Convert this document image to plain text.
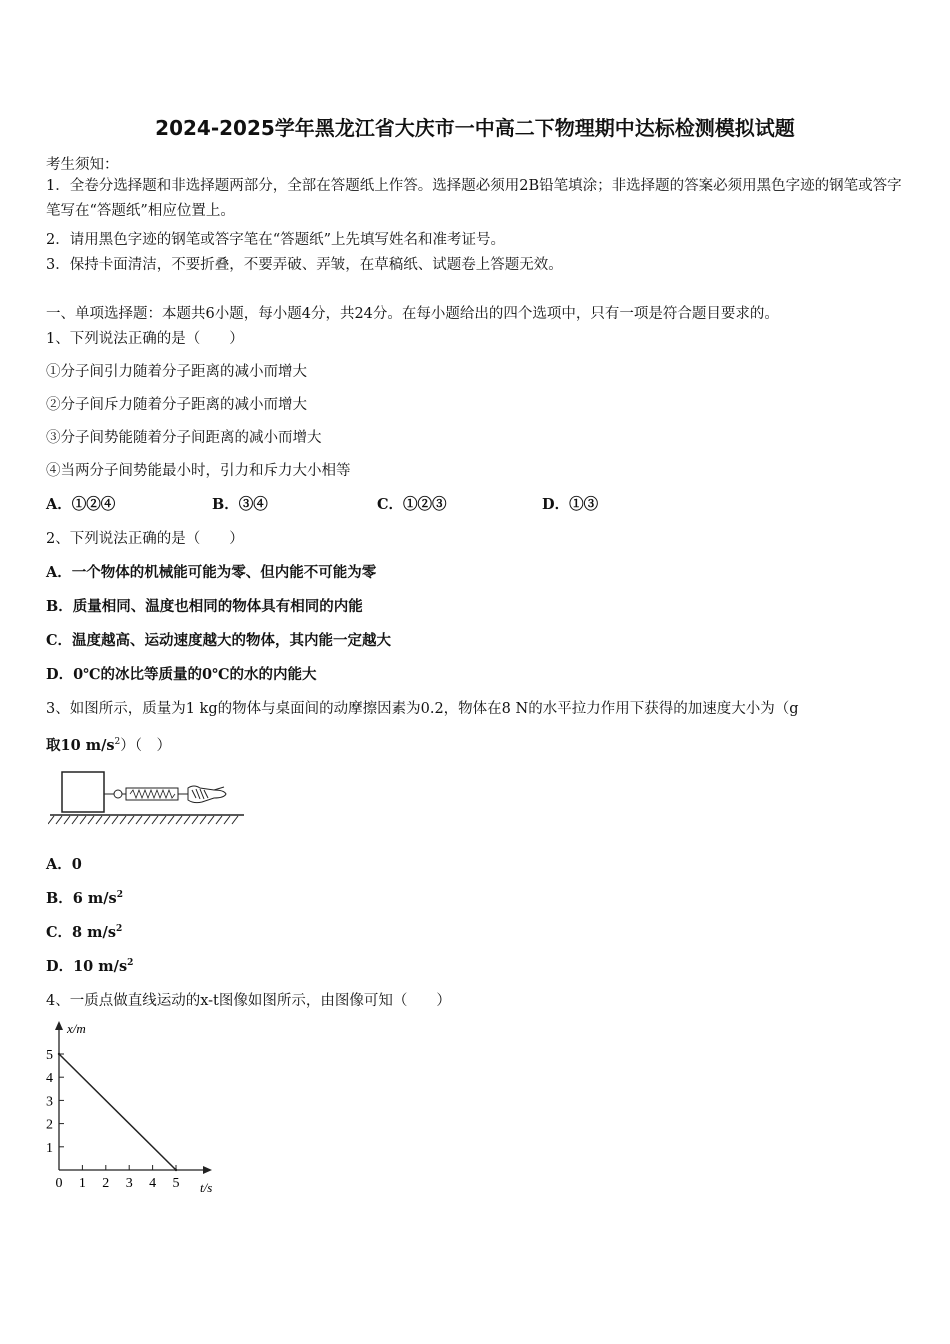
2024-2025学年黑龙江省大庆市一中高二下物理期中达标检测模拟试题
考生须知：
1．全卷分选择题和非选择题两部分，全部在答题纸上作答。选择题必须用2B铅笔填涂；非选择题的答案必须用黑色字迹的钢笔或答字笔写在“答题纸”相应位置上。
2．请用黑色字迹的钢笔或答字笔在“答题纸”上先填写姓名和准考证号。
3．保持卡面清洁，不要折叠，不要弄破、弄皱，在草稿纸、试题卷上答题无效。
一、单项选择题：本题共6小题，每小题4分，共24分。在每小题给出的四个选项中，只有一项是符合题目要求的。
1、下列说法正确的是（　　）
①分子间引力随着分子距离的减小而增大
②分子间斥力随着分子距离的减小而增大
③分子间势能随着分子间距离的减小而增大
④当两分子间势能最小时，引力和斥力大小相等
A．①②④	B．③④	C．①②③	D．①③
2、下列说法正确的是（　　）
A．一个物体的机械能可能为零、但内能不可能为零
B．质量相同、温度也相同的物体具有相同的内能
C．温度越高、运动速度越大的物体，其内能一定越大
D．0℃的冰比等质量的0℃的水的内能大
3、如图所示，质量为1 kg的物体与桌面间的动摩擦因素为0.2，物体在8 N的水平拉力作用下获得的加速度大小为（g
取10 $m/s^2$）（　）
A．0
B．6 $m/s^2$
C．8 $m/s^2$
D．10 $m/s^2$
4、一质点做直线运动的x-t图像如图所示，由图像可知（　　）
x/m
t/s
0 1 2 3 4 5
1
2
3
4
5
